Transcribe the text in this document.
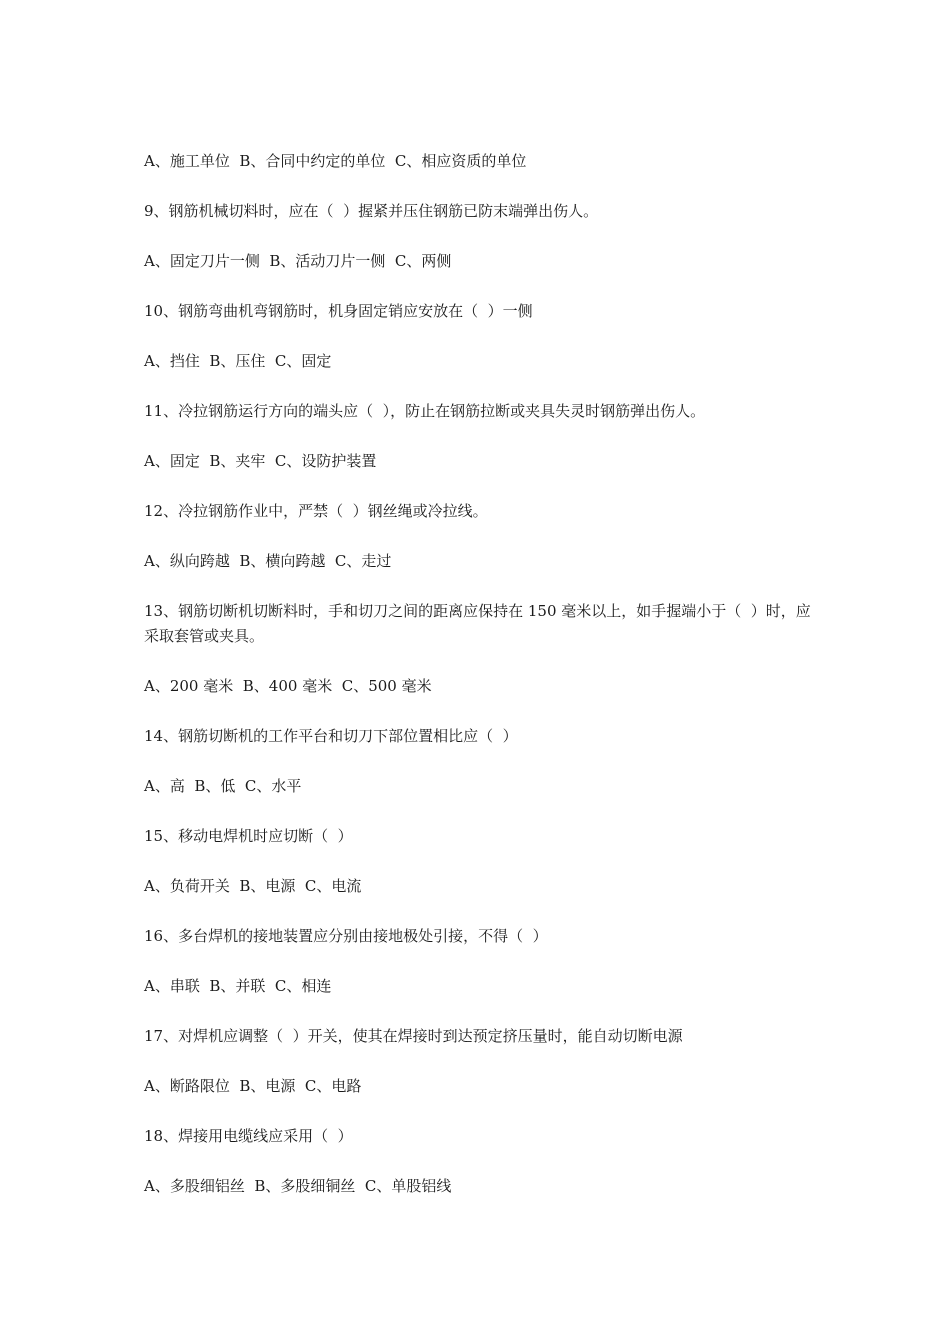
A、施工单位  B、合同中约定的单位  C、相应资质的单位

9、钢筋机械切料时，应在（  ）握紧并压住钢筋已防末端弹出伤人。

A、固定刀片一侧  B、活动刀片一侧  C、两侧

10、钢筋弯曲机弯钢筋时，机身固定销应安放在（  ）一侧

A、挡住  B、压住  C、固定

11、冷拉钢筋运行方向的端头应（  ），防止在钢筋拉断或夹具失灵时钢筋弹出伤人。

A、固定  B、夹牢  C、设防护装置

12、冷拉钢筋作业中，严禁（  ）钢丝绳或冷拉线。

A、纵向跨越  B、横向跨越  C、走过

13、钢筋切断机切断料时，手和切刀之间的距离应保持在 150 毫米以上，如手握端小于（  ）时，应采取套管或夹具。

A、200 毫米  B、400 毫米  C、500 毫米

14、钢筋切断机的工作平台和切刀下部位置相比应（  ）

A、高  B、低  C、水平

15、移动电焊机时应切断（  ）

A、负荷开关  B、电源  C、电流

16、多台焊机的接地装置应分别由接地极处引接，不得（  ）

A、串联  B、并联  C、相连

17、对焊机应调整（  ）开关，使其在焊接时到达预定挤压量时，能自动切断电源

A、断路限位  B、电源  C、电路

18、焊接用电缆线应采用（  ）

A、多股细铝丝  B、多股细铜丝  C、单股铝线
